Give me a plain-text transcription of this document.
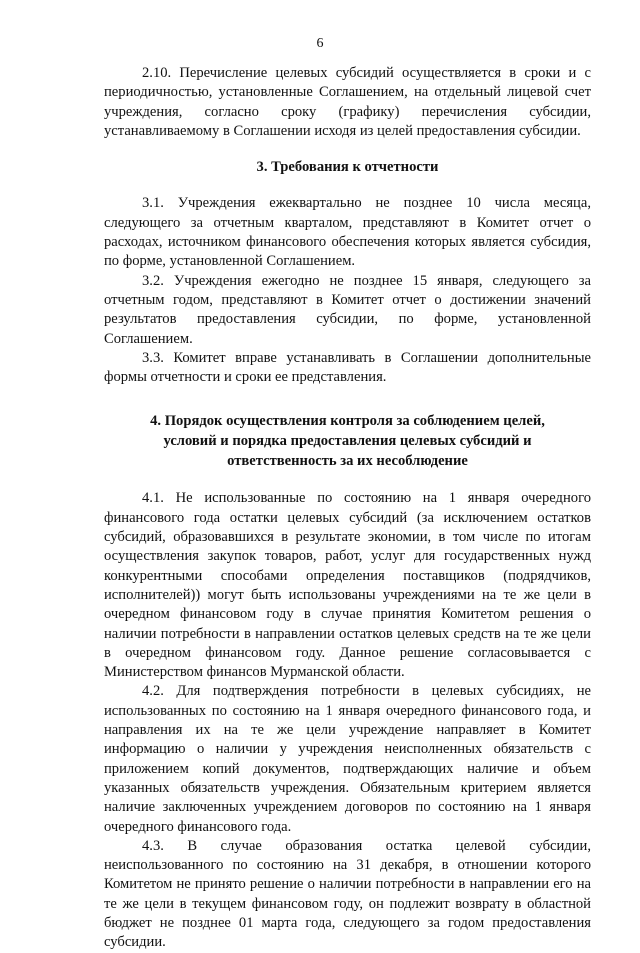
6

2.10. Перечисление целевых субсидий осуществляется в сроки и с периодичностью, установленные Соглашением, на отдельный лицевой счет учреждения, согласно сроку (графику) перечисления субсидии, устанавливаемому в Соглашении исходя из целей предоставления субсидии.

3. Требования к отчетности

3.1. Учреждения ежеквартально не позднее 10 числа месяца, следующего за отчетным кварталом, представляют в Комитет отчет о расходах, источником финансового обеспечения которых является субсидия, по форме, установленной Соглашением.

3.2. Учреждения ежегодно не позднее 15 января, следующего за отчетным годом, представляют в Комитет отчет о достижении значений результатов предоставления субсидии, по форме, установленной Соглашением.

3.3. Комитет вправе устанавливать в Соглашении дополнительные формы отчетности и сроки ее представления.

4. Порядок осуществления контроля за соблюдением целей,
условий и порядка предоставления целевых субсидий и
ответственность за их несоблюдение

4.1. Не использованные по состоянию на 1 января очередного финансового года остатки целевых субсидий (за исключением остатков субсидий, образовавшихся в результате экономии, в том числе по итогам осуществления закупок товаров, работ, услуг для государственных нужд конкурентными способами определения поставщиков (подрядчиков, исполнителей)) могут быть использованы учреждениями на те же цели в очередном финансовом году в случае принятия Комитетом решения о наличии потребности в направлении остатков целевых средств на те же цели в очередном финансовом году. Данное решение согласовывается с Министерством финансов Мурманской области.

4.2. Для подтверждения потребности в целевых субсидиях, не использованных по состоянию на 1 января очередного финансового года, и направления их на те же цели учреждение направляет в Комитет информацию о наличии у учреждения неисполненных обязательств с приложением копий документов, подтверждающих наличие и объем указанных обязательств учреждения. Обязательным критерием является наличие заключенных учреждением договоров по состоянию на 1 января очередного финансового года.

4.3. В случае образования остатка целевой субсидии, неиспользованного по состоянию на 31 декабря, в отношении которого Комитетом не принято решение о наличии потребности в направлении его на те же цели в текущем финансовом году, он подлежит возврату в областной бюджет не позднее 01 марта года, следующего за годом предоставления субсидии.
